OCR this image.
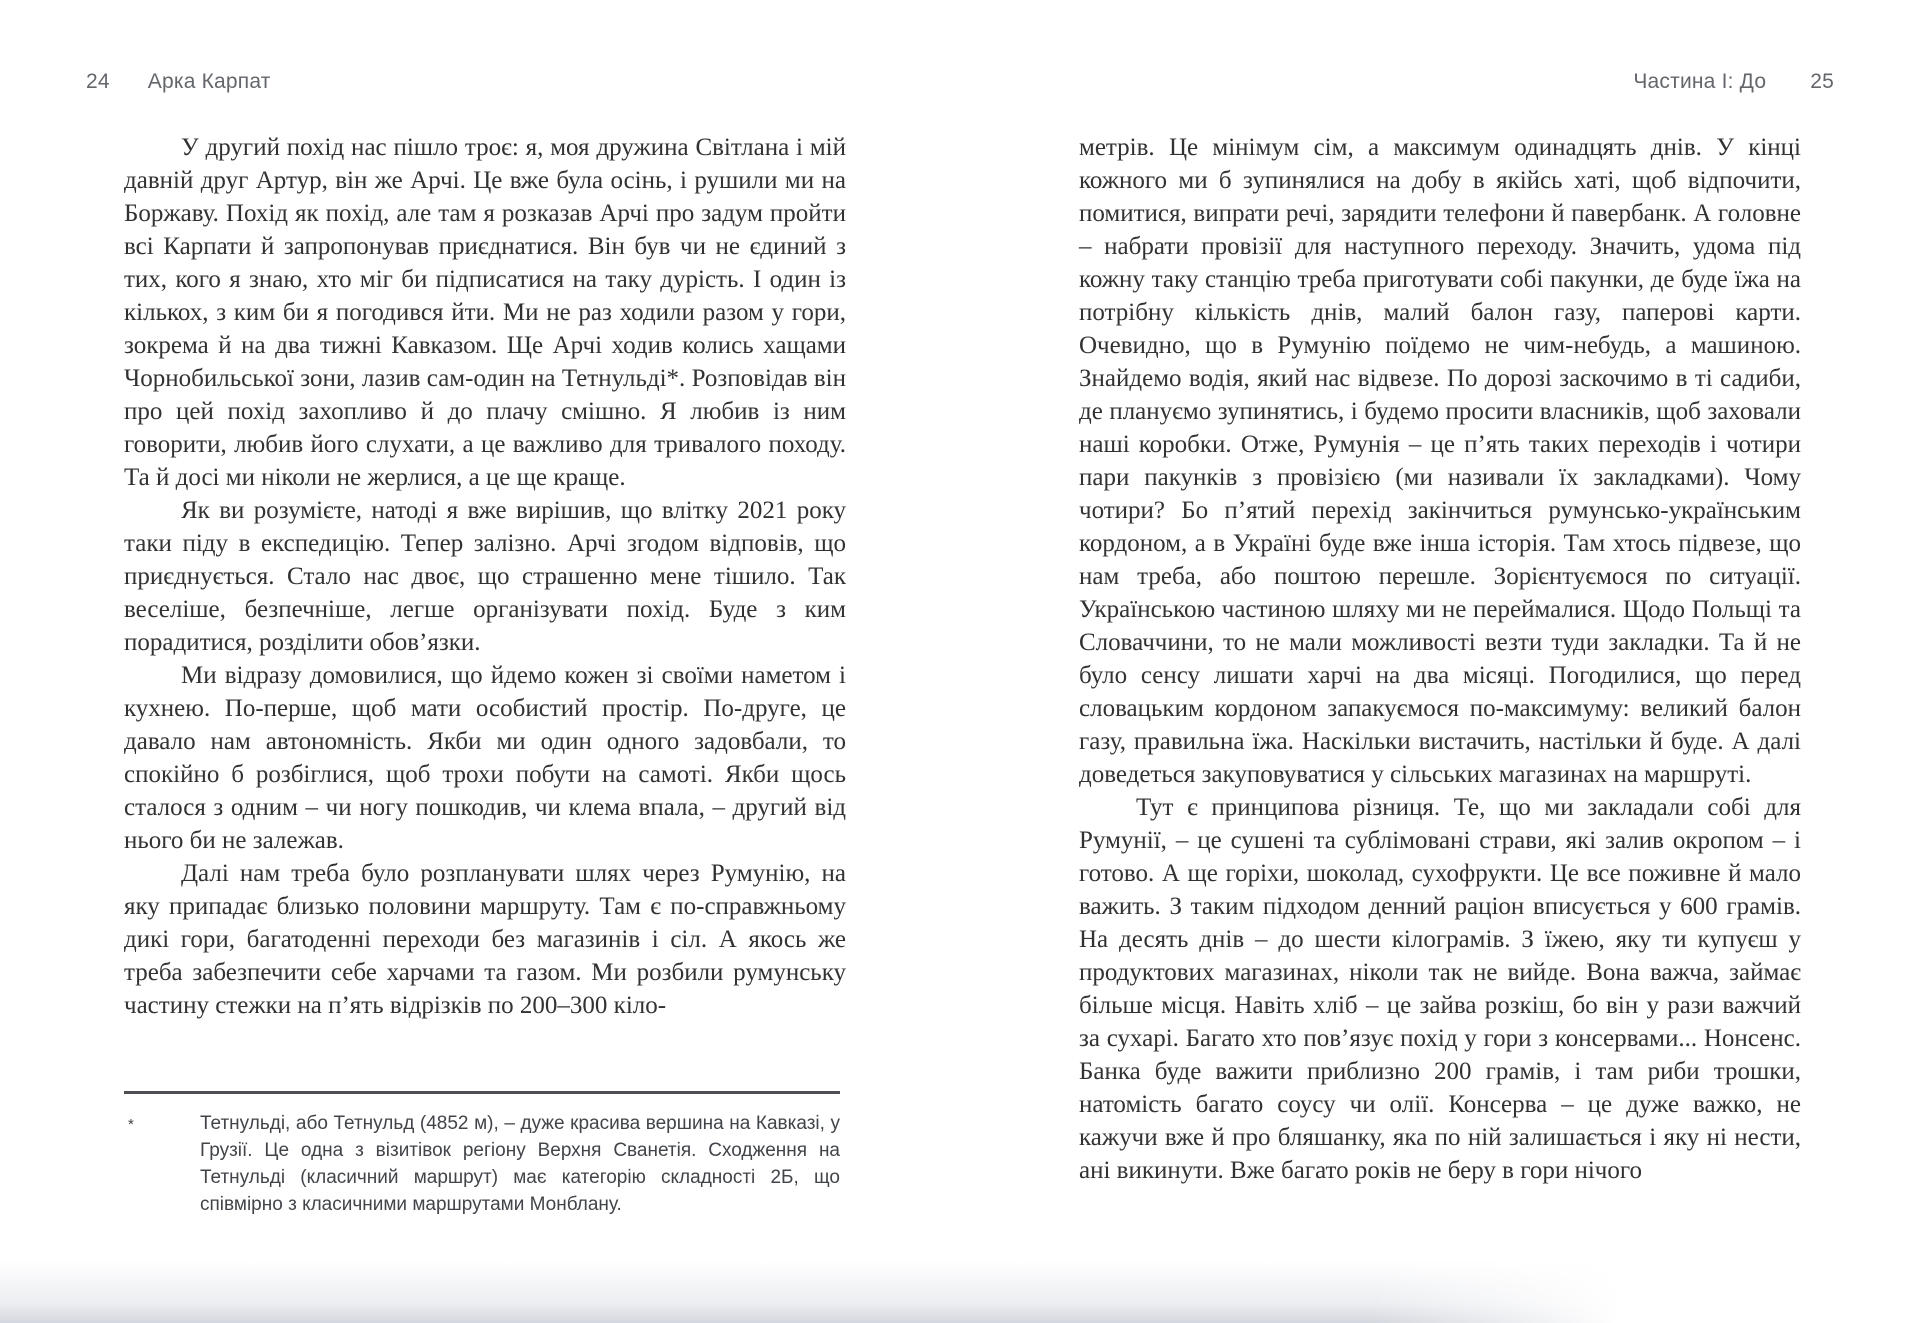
24 Арка Карпат	Частина І: До 25

У другий похід нас пішло троє: я, моя дружина Світлана і мій давній друг Артур, він же Арчі. Це вже була осінь, і рушили ми на Боржаву. Похід як похід, але там я розказав Арчі про задум пройти всі Карпати й запропонував приєднатися. Він був чи не єдиний з тих, кого я знаю, хто міг би підписатися на таку дурість. І один із кількох, з ким би я погодився йти. Ми не раз ходили разом у гори, зокрема й на два тижні Кавказом. Ще Арчі ходив колись хащами Чорнобильської зони, лазив сам-один на Тетнульді*. Розповідав він про цей похід захопливо й до плачу смішно. Я любив із ним говорити, любив його слухати, а це важливо для тривалого походу. Та й досі ми ніколи не жерлися, а це ще краще.

Як ви розумієте, натоді я вже вирішив, що влітку 2021 року таки піду в експедицію. Тепер залізно. Арчі згодом відповів, що приєднується. Стало нас двоє, що страшенно мене тішило. Так веселіше, безпечніше, легше організувати похід. Буде з ким порадитися, розділити обов’язки.

Ми відразу домовилися, що йдемо кожен зі своїми наметом і кухнею. По-перше, щоб мати особистий простір. По-друге, це давало нам автономність. Якби ми один одного задовбали, то спокійно б розбіглися, щоб трохи побути на самоті. Якби щось сталося з одним – чи ногу пошкодив, чи клема впала, – другий від нього би не залежав.

Далі нам треба було розпланувати шлях через Румунію, на яку припадає близько половини маршруту. Там є по-справжньому дикі гори, багатоденні переходи без магазинів і сіл. А якось же треба забезпечити себе харчами та газом. Ми розбили румунську частину стежки на п’ять відрізків по 200–300 кіло-

*	Тетнульді, або Тетнульд (4852 м), – дуже красива вершина на Кавказі, у Грузії. Це одна з візитівок регіону Верхня Сванетія. Сходження на Тетнульді (класичний маршрут) має категорію складності 2Б, що співмірно з класичними маршрутами Монблану.

метрів. Це мінімум сім, а максимум одинадцять днів. У кінці кожного ми б зупинялися на добу в якійсь хаті, щоб відпочити, помитися, випрати речі, зарядити телефони й павербанк. А головне – набрати провізії для наступного переходу. Значить, удома під кожну таку станцію треба приготувати собі пакунки, де буде їжа на потрібну кількість днів, малий балон газу, паперові карти. Очевидно, що в Румунію поїдемо не чим-небудь, а машиною. Знайдемо водія, який нас відвезе. По дорозі заскочимо в ті садиби, де плануємо зупинятись, і будемо просити власників, щоб заховали наші коробки. Отже, Румунія – це п’ять таких переходів і чотири пари пакунків з провізією (ми називали їх закладками). Чому чотири? Бо п’ятий перехід закінчиться румунсько-українським кордоном, а в Україні буде вже інша історія. Там хтось підвезе, що нам треба, або поштою перешле. Зорієнтуємося по ситуації. Українською частиною шляху ми не переймалися. Щодо Польщі та Словаччини, то не мали можливості везти туди закладки. Та й не було сенсу лишати харчі на два місяці. Погодилися, що перед словацьким кордоном запакуємося по-максимуму: великий балон газу, правильна їжа. Наскільки вистачить, настільки й буде. А далі доведеться закуповуватися у сільських магазинах на маршруті.

Тут є принципова різниця. Те, що ми закладали собі для Румунії, – це сушені та сублімовані страви, які залив окропом – і готово. А ще горіхи, шоколад, сухофрукти. Це все поживне й мало важить. З таким підходом денний раціон вписується у 600 грамів. На десять днів – до шести кілограмів. З їжею, яку ти купуєш у продуктових магазинах, ніколи так не вийде. Вона важча, займає більше місця. Навіть хліб – це зайва розкіш, бо він у рази важчий за сухарі. Багато хто пов’язує похід у гори з консервами... Нонсенс. Банка буде важити приблизно 200 грамів, і там риби трошки, натомість багато соусу чи олії. Консерва – це дуже важко, не кажучи вже й про бляшанку, яка по ній залишається і яку ні нести, ані викинути. Вже багато років не беру в гори нічого
